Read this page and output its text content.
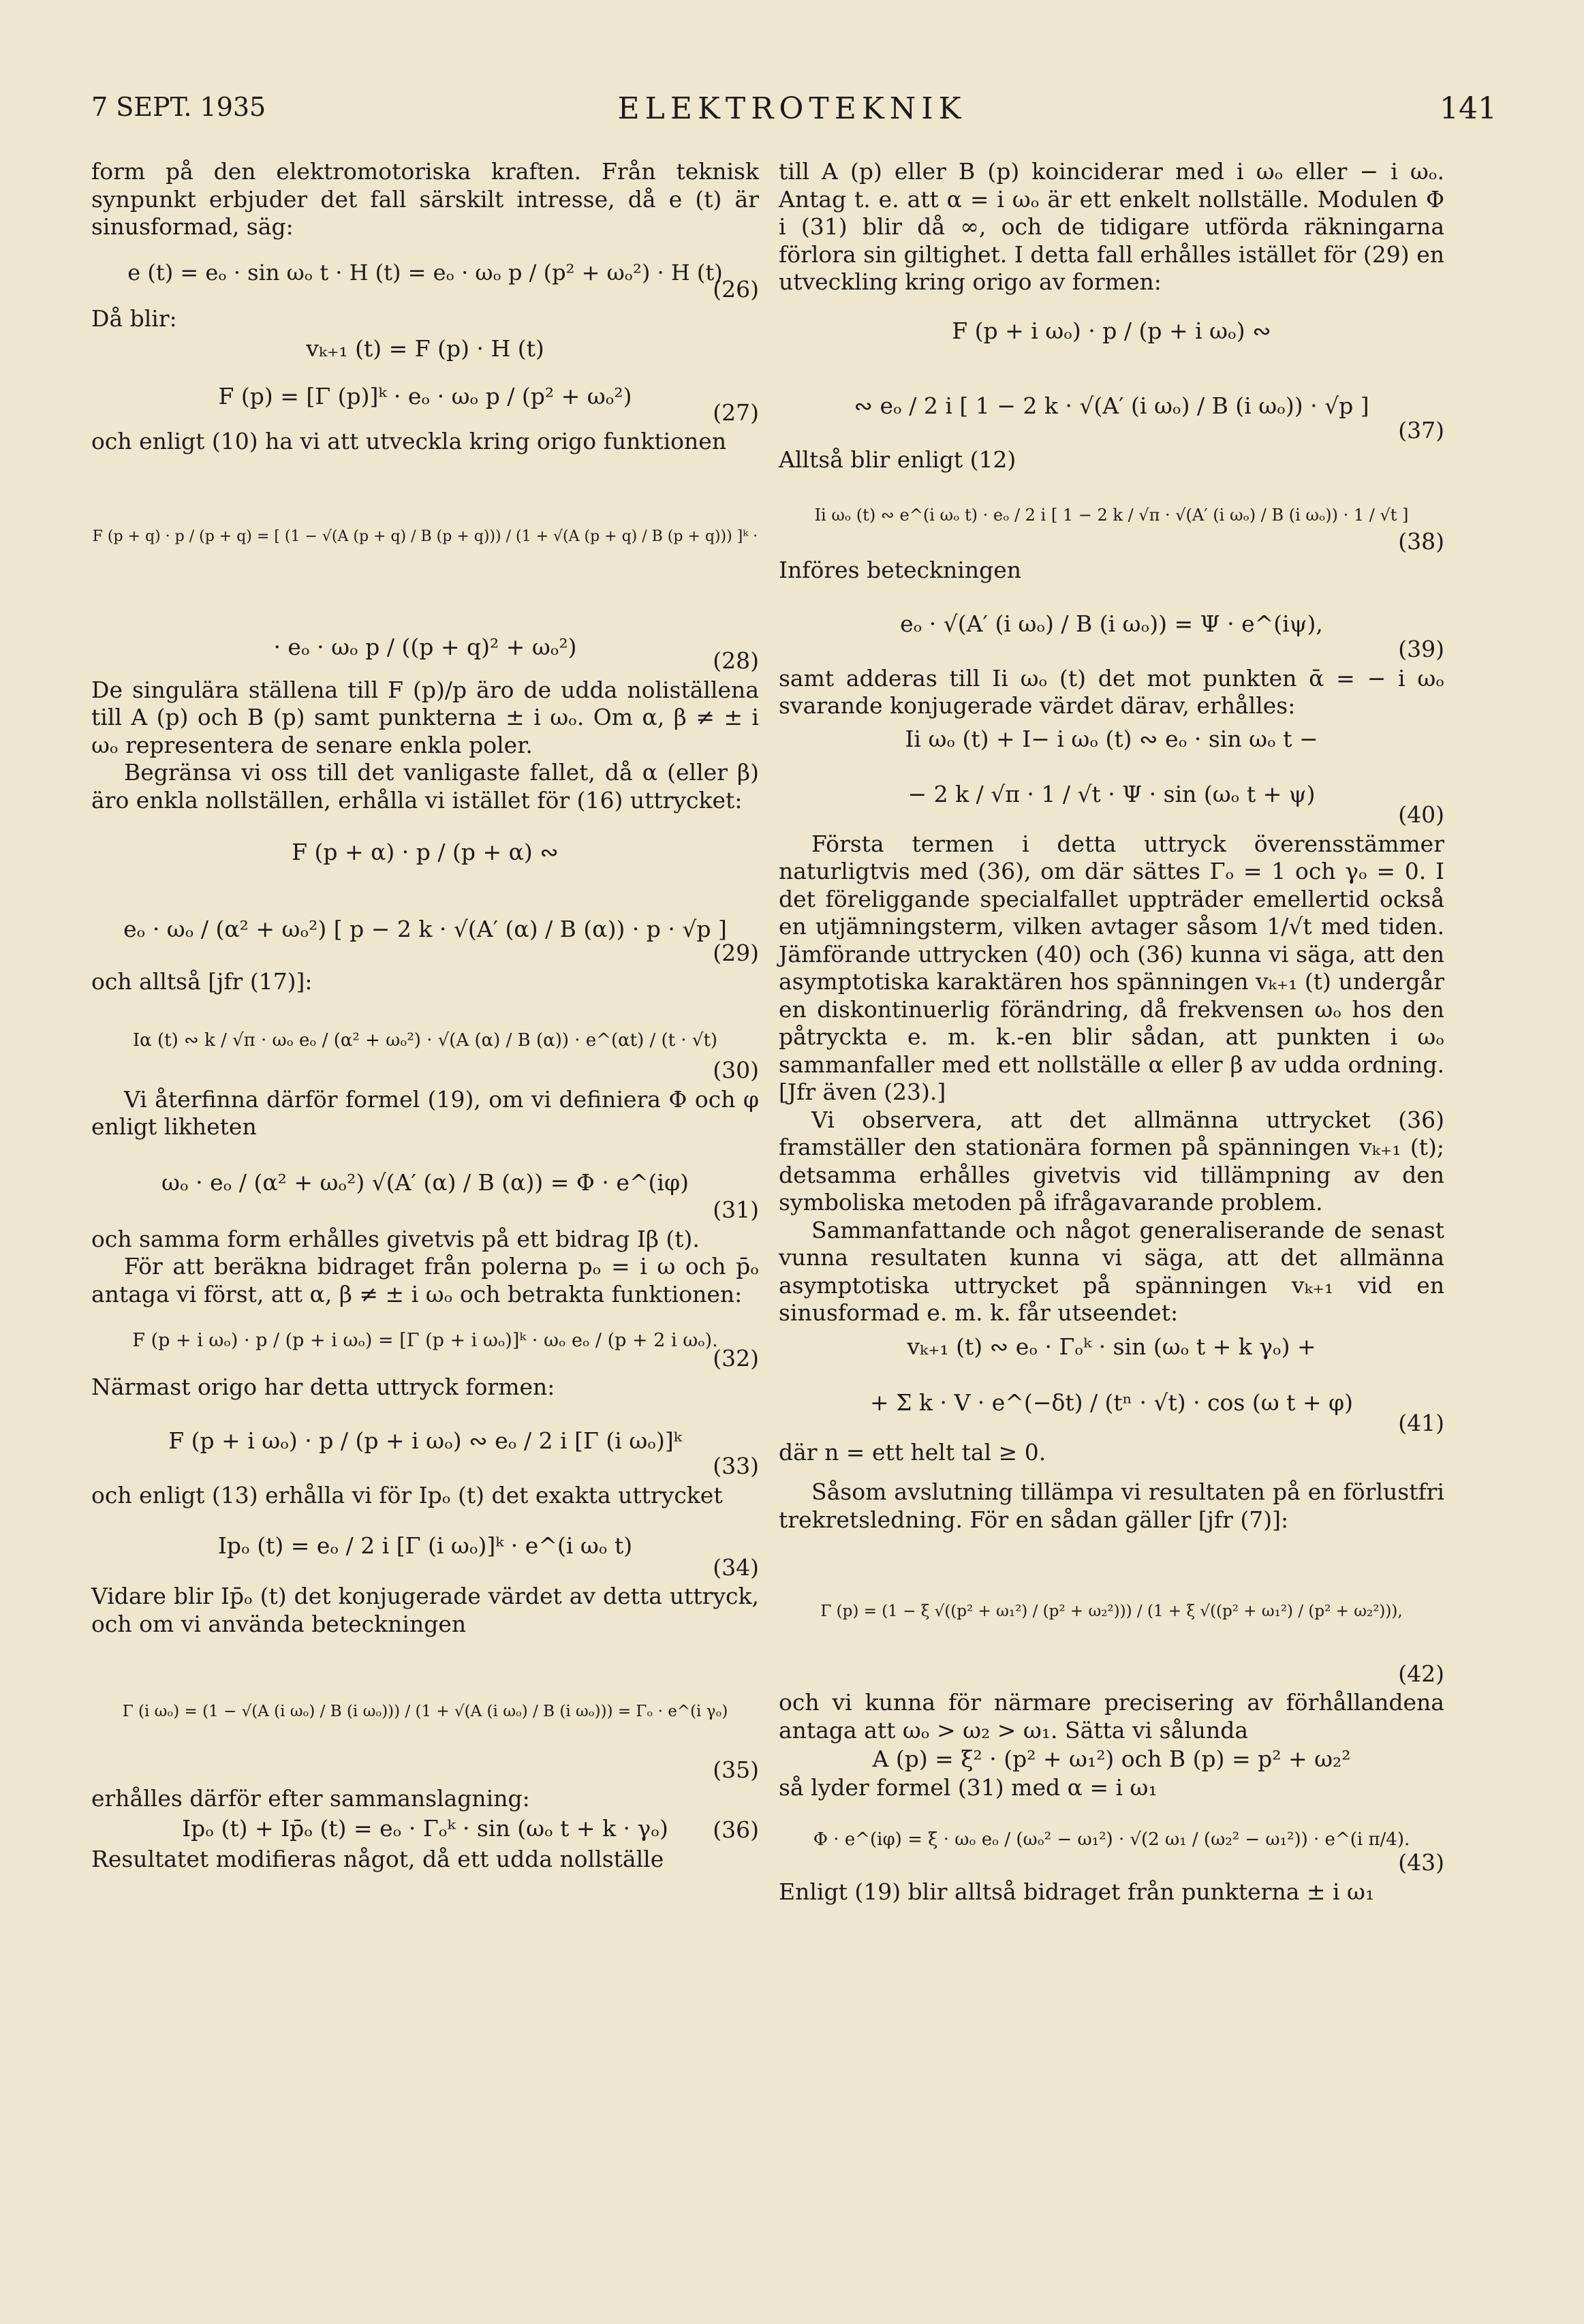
7 SEPT. 1935	ELEKTROTEKNIK	141

form på den elektromotoriska kraften. Från teknisk synpunkt erbjuder det fall särskilt intresse, då e (t) är sinusformad, säg:

e (t) = eₒ · sin ωₒ t · H (t) = eₒ · ωₒ p / (p² + ωₒ²) · H (t)
(26)

Då blir:

vₖ₊₁ (t) = F (p) · H (t)
F (p) = [Γ (p)]ᵏ · eₒ · ωₒ p / (p² + ωₒ²)
(27)

och enligt (10) ha vi att utveckla kring origo funktionen

F (p + q) · p / (p + q) = [ (1 − √(A (p + q) / B (p + q))) / (1 + √(A (p + q) / B (p + q))) ]ᵏ ·
· eₒ · ωₒ p / ((p + q)² + ωₒ²)
(28)

De singulära ställena till F (p)/p äro de udda noliställena till A (p) och B (p) samt punkterna ± i ωₒ. Om α, β ≠ ± i ωₒ representera de senare enkla poler.

Begränsa vi oss till det vanligaste fallet, då α (eller β) äro enkla nollställen, erhålla vi istället för (16) uttrycket:

F (p + α) · p / (p + α) ∾
eₒ · ωₒ / (α² + ωₒ²) [ p − 2 k · √(A′ (α) / B (α)) · p · √p ]
(29)

och alltså [jfr (17)]:

Iα (t) ∾ k / √π · ωₒ eₒ / (α² + ωₒ²) · √(A (α) / B (α)) · e^(αt) / (t · √t)
(30)

Vi återfinna därför formel (19), om vi definiera Φ och φ enligt likheten

ωₒ · eₒ / (α² + ωₒ²) √(A′ (α) / B (α)) = Φ · e^(iφ)
(31)

och samma form erhålles givetvis på ett bidrag Iβ (t).

För att beräkna bidraget från polerna pₒ = i ω och p̄ₒ antaga vi först, att α, β ≠ ± i ωₒ och betrakta funktionen:

F (p + i ωₒ) · p / (p + i ωₒ) = [Γ (p + i ωₒ)]ᵏ · ωₒ eₒ / (p + 2 i ωₒ).
(32)

Närmast origo har detta uttryck formen:

F (p + i ωₒ) · p / (p + i ωₒ) ∾ eₒ / 2 i [Γ (i ωₒ)]ᵏ
(33)

och enligt (13) erhålla vi för Ipₒ (t) det exakta uttrycket

Ipₒ (t) = eₒ / 2 i [Γ (i ωₒ)]ᵏ · e^(i ωₒ t)
(34)

Vidare blir Ip̄ₒ (t) det konjugerade värdet av detta uttryck, och om vi använda beteckningen

Γ (i ωₒ) = (1 − √(A (i ωₒ) / B (i ωₒ))) / (1 + √(A (i ωₒ) / B (i ωₒ))) = Γₒ · e^(i γₒ)
(35)

erhålles därför efter sammanslagning:

Ipₒ (t) + Ip̄ₒ (t) = eₒ · Γₒᵏ · sin (ωₒ t + k · γₒ) (36)

Resultatet modifieras något, då ett udda nollställe

till A (p) eller B (p) koinciderar med i ωₒ eller − i ωₒ. Antag t. e. att α = i ωₒ är ett enkelt nollställe. Modulen Φ i (31) blir då ∞, och de tidigare utförda räkningarna förlora sin giltighet. I detta fall erhålles istället för (29) en utveckling kring origo av formen:

F (p + i ωₒ) · p / (p + i ωₒ) ∾
∾ eₒ / 2 i [ 1 − 2 k · √(A′ (i ωₒ) / B (i ωₒ)) · √p ]
(37)

Alltså blir enligt (12)

Ii ωₒ (t) ∾ e^(i ωₒ t) · eₒ / 2 i [ 1 − 2 k / √π · √(A′ (i ωₒ) / B (i ωₒ)) · 1 / √t ]
(38)

Införes beteckningen

eₒ · √(A′ (i ωₒ) / B (i ωₒ)) = Ψ · e^(iψ),
(39)

samt adderas till Ii ωₒ (t) det mot punkten ᾱ = − i ωₒ svarande konjugerade värdet därav, erhålles:

Ii ωₒ (t) + I− i ωₒ (t) ∾ eₒ · sin ωₒ t −
− 2 k / √π · 1 / √t · Ψ · sin (ωₒ t + ψ)
(40)

Första termen i detta uttryck överensstämmer naturligtvis med (36), om där sättes Γₒ = 1 och γₒ = 0. I det föreliggande specialfallet uppträder emellertid också en utjämningsterm, vilken avtager såsom 1/√t med tiden. Jämförande uttrycken (40) och (36) kunna vi säga, att den asymptotiska karaktären hos spänningen vₖ₊₁ (t) undergår en diskontinuerlig förändring, då frekvensen ωₒ hos den påtryckta e. m. k.-en blir sådan, att punkten i ωₒ sammanfaller med ett nollställe α eller β av udda ordning. [Jfr även (23).]

Vi observera, att det allmänna uttrycket (36) framställer den stationära formen på spänningen vₖ₊₁ (t); detsamma erhålles givetvis vid tillämpning av den symboliska metoden på ifrågavarande problem.

Sammanfattande och något generaliserande de senast vunna resultaten kunna vi säga, att det allmänna asymptotiska uttrycket på spänningen vₖ₊₁ vid en sinusformad e. m. k. får utseendet:

vₖ₊₁ (t) ∾ eₒ · Γₒᵏ · sin (ωₒ t + k γₒ) +
+ Σ k · V · e^(−δt) / (tⁿ · √t) · cos (ω t + φ)
(41)

där n = ett helt tal ≥ 0.

Såsom avslutning tillämpa vi resultaten på en förlustfri trekretsledning. För en sådan gäller [jfr (7)]:

Γ (p) = (1 − ξ √((p² + ω₁²) / (p² + ω₂²))) / (1 + ξ √((p² + ω₁²) / (p² + ω₂²))),
(42)

och vi kunna för närmare precisering av förhållandena antaga att ωₒ > ω₂ > ω₁. Sätta vi sålunda

A (p) = ξ² · (p² + ω₁²) och B (p) = p² + ω₂²

så lyder formel (31) med α = i ω₁

Φ · e^(iφ) = ξ · ωₒ eₒ / (ωₒ² − ω₁²) · √(2 ω₁ / (ω₂² − ω₁²)) · e^(i π/4).
(43)

Enligt (19) blir alltså bidraget från punkterna ± i ω₁
